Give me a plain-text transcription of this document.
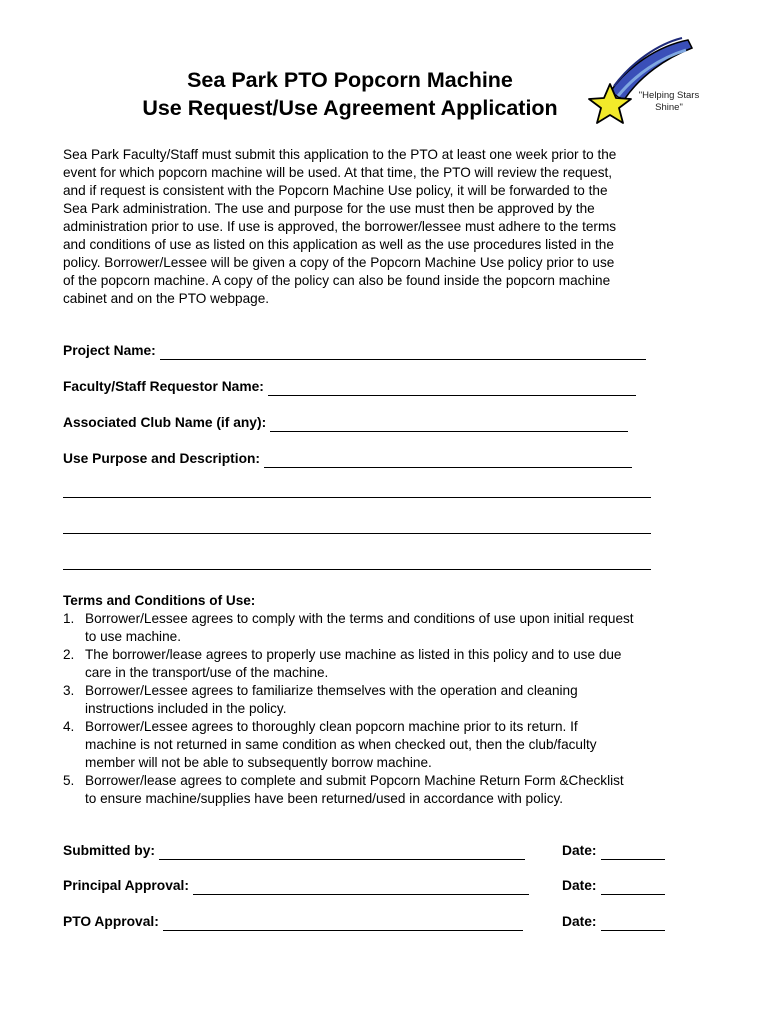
Sea Park PTO Popcorn Machine
Use Request/Use Agreement Application
"Helping Stars
Shine"
Sea Park Faculty/Staff must submit this application to the PTO at least one week prior to the
event for which popcorn machine will be used. At that time, the PTO will review the request,
and if request is consistent with the Popcorn Machine Use policy, it will be forwarded to the
Sea Park administration. The use and purpose for the use must then be approved by the
administration prior to use. If use is approved, the borrower/lessee must adhere to the terms
and conditions of use as listed on this application as well as the use procedures listed in the
policy. Borrower/Lessee will be given a copy of the Popcorn Machine Use policy prior to use
of the popcorn machine. A copy of the policy can also be found inside the popcorn machine
cabinet and on the PTO webpage.
Project Name:
Faculty/Staff Requestor Name:
Associated Club Name (if any):
Use Purpose and Description:
Terms and Conditions of Use:
1. Borrower/Lessee agrees to comply with the terms and conditions of use upon initial request
to use machine.
2. The borrower/lease agrees to properly use machine as listed in this policy and to use due
care in the transport/use of the machine.
3. Borrower/Lessee agrees to familiarize themselves with the operation and cleaning
instructions included in the policy.
4. Borrower/Lessee agrees to thoroughly clean popcorn machine prior to its return. If
machine is not returned in same condition as when checked out, then the club/faculty
member will not be able to subsequently borrow machine.
5. Borrower/lease agrees to complete and submit Popcorn Machine Return Form &Checklist
to ensure machine/supplies have been returned/used in accordance with policy.
Submitted by:	Date:
Principal Approval:	Date:
PTO Approval:	Date:
